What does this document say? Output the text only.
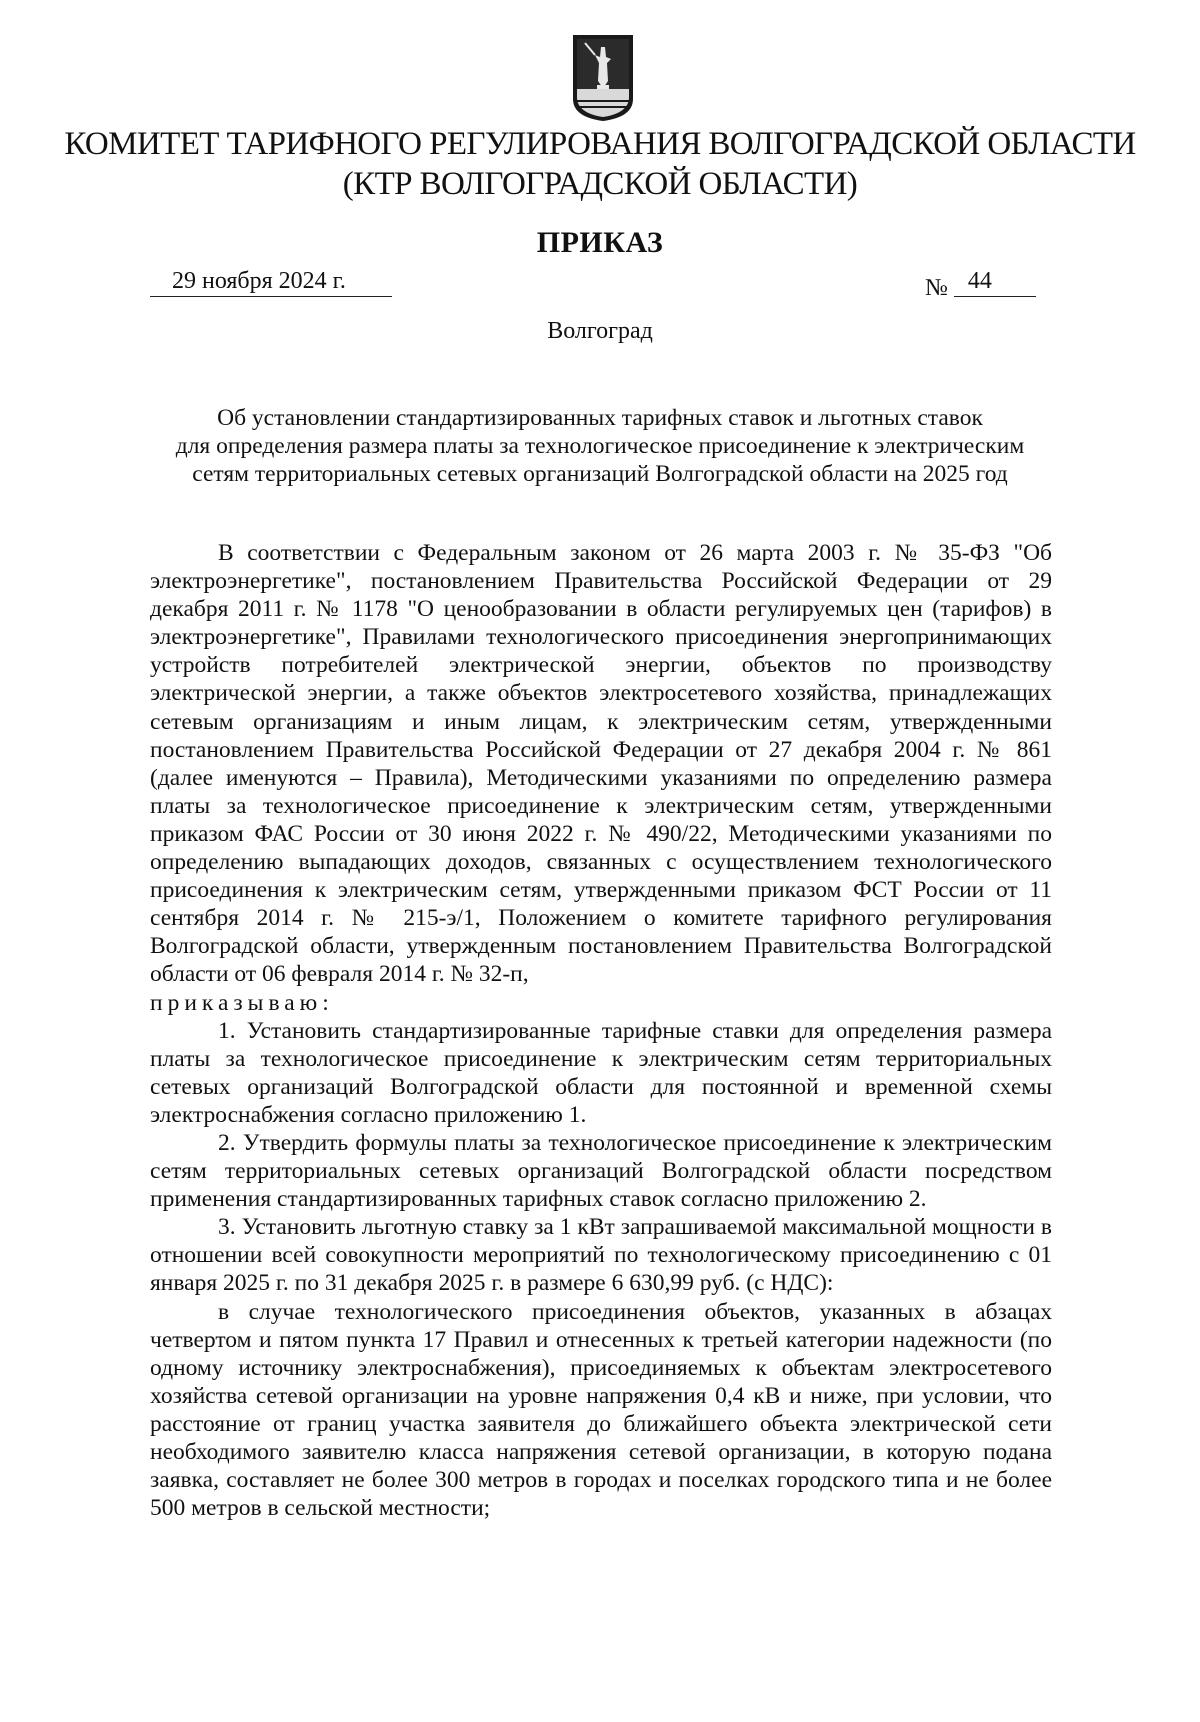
КОМИТЕТ ТАРИФНОГО РЕГУЛИРОВАНИЯ ВОЛГОГРАДСКОЙ ОБЛАСТИ
(КТР ВОЛГОГРАДСКОЙ ОБЛАСТИ)
ПРИКАЗ
29 ноября 2024 г.	№ 44
Волгоград
Об установлении стандартизированных тарифных ставок и льготных ставок
для определения размера платы за технологическое присоединение к электрическим
сетям территориальных сетевых организаций Волгоградской области на 2025 год

В соответствии с Федеральным законом от 26 марта 2003 г. № 35-ФЗ "Об электроэнергетике", постановлением Правительства Российской Федерации от 29 декабря 2011 г. № 1178 "О ценообразовании в области регулируемых цен (тарифов) в электроэнергетике", Правилами технологического присоединения энергопринимающих устройств потребителей электрической энергии, объектов по производству электрической энергии, а также объектов электросетевого хозяйства, принадлежащих сетевым организациям и иным лицам, к электрическим сетям, утвержденными постановлением Правительства Российской Федерации от 27 декабря 2004 г. № 861 (далее именуются – Правила), Методическими указаниями по определению размера платы за технологическое присоединение к электрическим сетям, утвержденными приказом ФАС России от 30 июня 2022 г. № 490/22, Методическими указаниями по определению выпадающих доходов, связанных с осуществлением технологического присоединения к электрическим сетям, утвержденными приказом ФСТ России от 11 сентября 2014 г. № 215-э/1, Положением о комитете тарифного регулирования Волгоградской области, утвержденным постановлением Правительства Волгоградской области от 06 февраля 2014 г. № 32-п,

приказываю:

1. Установить стандартизированные тарифные ставки для определения размера платы за технологическое присоединение к электрическим сетям территориальных сетевых организаций Волгоградской области для постоянной и временной схемы электроснабжения согласно приложению 1.

2. Утвердить формулы платы за технологическое присоединение к электрическим сетям территориальных сетевых организаций Волгоградской области посредством применения стандартизированных тарифных ставок согласно приложению 2.

3. Установить льготную ставку за 1 кВт запрашиваемой максимальной мощности в отношении всей совокупности мероприятий по технологическому присоединению с 01 января 2025 г. по 31 декабря 2025 г. в размере 6 630,99 руб. (с НДС):

в случае технологического присоединения объектов, указанных в абзацах четвертом и пятом пункта 17 Правил и отнесенных к третьей категории надежности (по одному источнику электроснабжения), присоединяемых к объектам электросетевого хозяйства сетевой организации на уровне напряжения 0,4 кВ и ниже, при условии, что расстояние от границ участка заявителя до ближайшего объекта электрической сети необходимого заявителю класса напряжения сетевой организации, в которую подана заявка, составляет не более 300 метров в городах и поселках городского типа и не более 500 метров в сельской местности;
